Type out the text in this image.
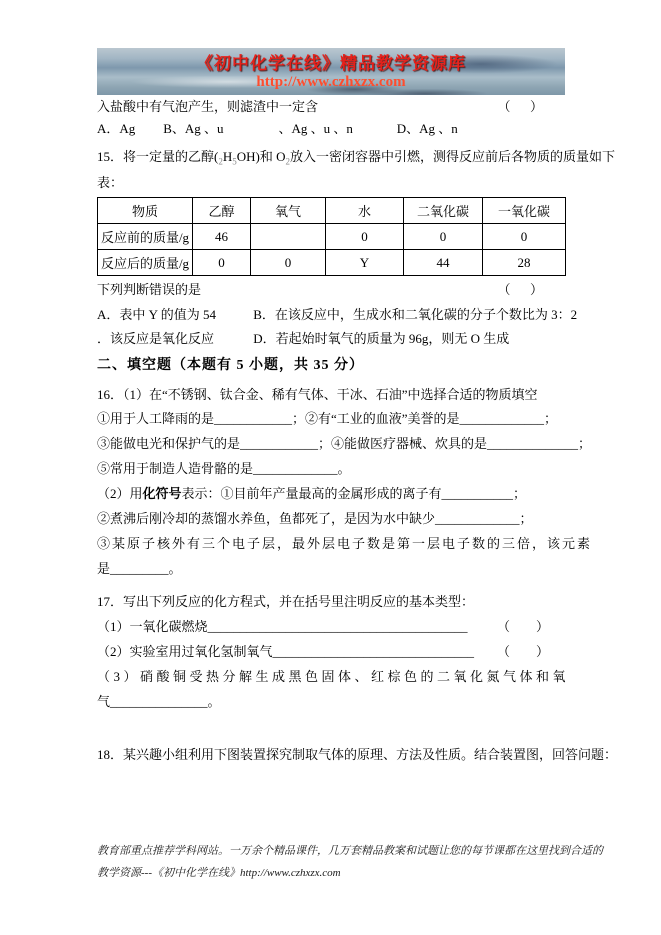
《初中化学在线》精品教学资源库
http://www.czhxzx.com
入盐酸中有气泡产生，则滤渣中一定含	（      ）
A．Ag B、Ag 、u	、Ag 、u 、n	D、Ag 、n
15．将一定量的乙醇$(_2H_5OH)$和 $O_2$放入一密闭容器中引燃，测得反应前后各物质的质量如下
表：
物质	乙醇	氧气	水	二氧化碳	一氧化碳
反应前的质量/g	46		0	0	0
反应后的质量/g	0	0	Y	44	28
下列判断错误的是	（      ）
A．表中 Y 的值为 54	B．在该反应中，生成水和二氧化碳的分子个数比为 3：2
．该反应是氧化反应	D．若起始时氧气的质量为 96g，则无 O 生成
二、填空题（本题有 5 小题，共 35 分）
16．（1）在“不锈钢、钛合金、稀有气体、干冰、石油”中选择合适的物质填空
①用于人工降雨的是____________；②有“工业的血液”美誉的是_____________；
③能做电光和保护气的是____________；④能做医疗器械、炊具的是______________；
⑤常用于制造人造骨骼的是_____________。
（2）用化符号表示：①目前年产量最高的金属形成的离子有___________；
②煮沸后刚冷却的蒸馏水养鱼，鱼都死了，是因为水中缺少_____________；
③某原子核外有三个电子层，最外层电子数是第一层电子数的三倍，该元素
是_________。
17．写出下列反应的化方程式，并在括号里注明反应的基本类型：
（1）一氧化碳燃烧________________________________________ （        ）
（2）实验室用过氧化氢制氧气_______________________________ （        ）
（3）硝酸铜受热分解生成黑色固体、红棕色的二氧化氮气体和氧
气_______________。
18．某兴趣小组利用下图装置探究制取气体的原理、方法及性质。结合装置图，回答问题：
教育部重点推荐学科网站。一万余个精品课件，几万套精品教案和试题让您的每节课都在这里找到合适的
教学资源---《初中化学在线》http://www.czhxzx.com
